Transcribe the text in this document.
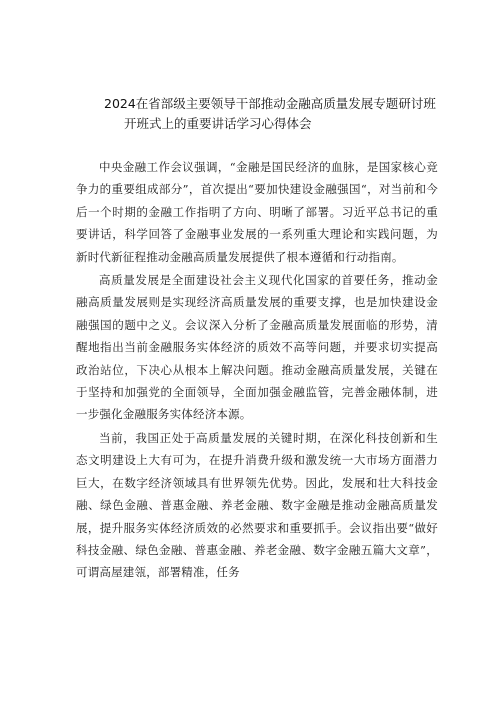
2024在省部级主要领导干部推动金融高质量发展专题研讨班
开班式上的重要讲话学习心得体会

中央金融工作会议强调，“金融是国民经济的血脉，是国家核心竞争力的重要组成部分”，首次提出“要加快建设金融强国“，对当前和今后一个时期的金融工作指明了方向、明晰了部署。习近平总书记的重要讲话，科学回答了金融事业发展的一系列重大理论和实践问题，为新时代新征程推动金融高质量发展提供了根本遵循和行动指南。

高质量发展是全面建设社会主义现代化国家的首要任务，推动金融高质量发展则是实现经济高质量发展的重要支撑，也是加快建设金融强国的题中之义。会议深入分析了金融高质量发展面临的形势，清醒地指出当前金融服务实体经济的质效不高等问题，并要求切实提高政治站位，下决心从根本上解决问题。推动金融高质量发展，关键在于坚持和加强党的全面领导，全面加强金融监管，完善金融体制，进一步强化金融服务实体经济本源。

当前，我国正处于高质量发展的关键时期，在深化科技创新和生态文明建设上大有可为，在提升消费升级和激发统一大市场方面潜力巨大，在数字经济领域具有世界领先优势。因此，发展和壮大科技金融、绿色金融、普惠金融、养老金融、数字金融是推动金融高质量发展，提升服务实体经济质效的必然要求和重要抓手。会议指出要“做好科技金融、绿色金融、普惠金融、养老金融、数字金融五篇大文章”，可谓高屋建瓴，部署精准，任务
